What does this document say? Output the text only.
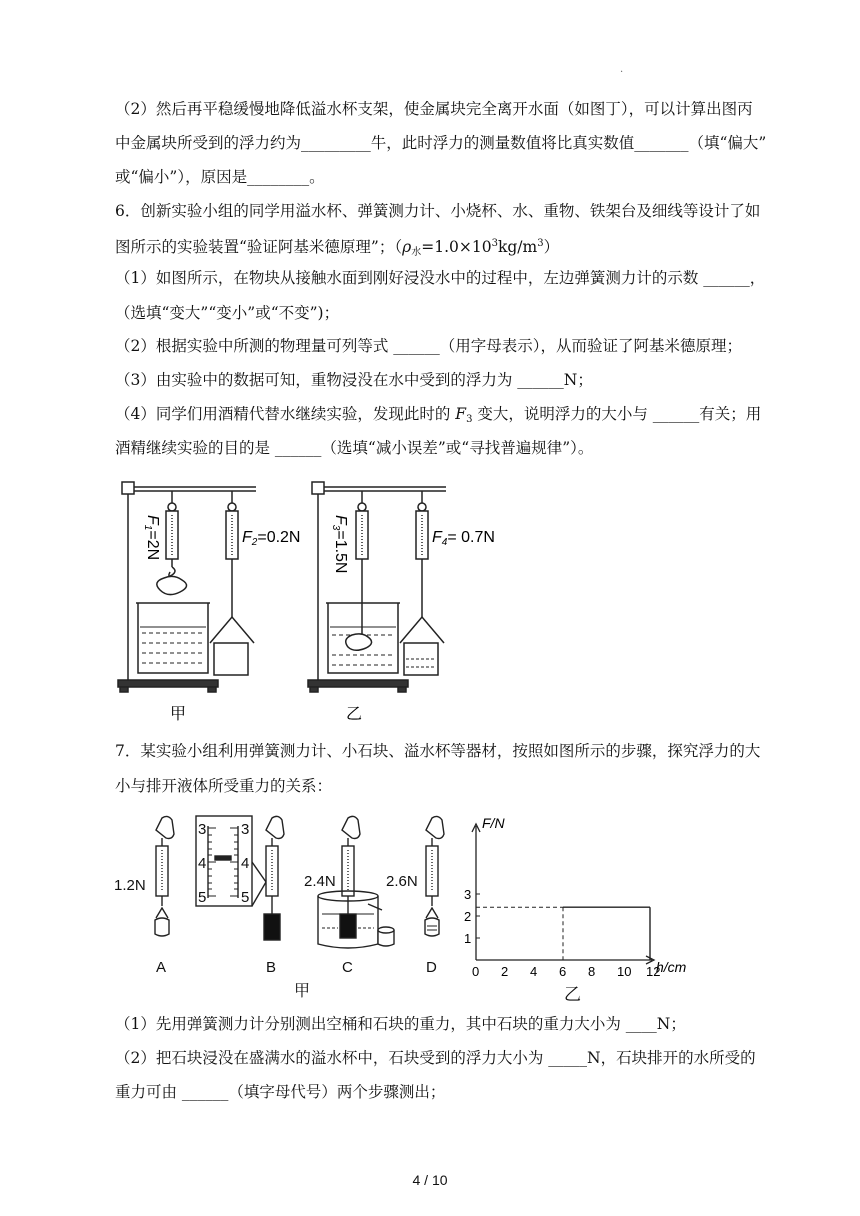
.
（2）然后再平稳缓慢地降低溢水杯支架，使金属块完全离开水面（如图丁），可以计算出图丙
中金属块所受到的浮力约为_________牛，此时浮力的测量数值将比真实数值_______（填“偏大”
或“偏小”），原因是________。
6．创新实验小组的同学用溢水杯、弹簧测力计、小烧杯、水、重物、铁架台及细线等设计了如
图所示的实验装置“验证阿基米德原理”；$(\rho_水=1.0\times 10^3kg/m^3)$
（1）如图所示，在物块从接触水面到刚好浸没水中的过程中，左边弹簧测力计的示数 ______，
（选填“变大”“变小”或“不变”)；
（2）根据实验中所测的物理量可列等式 ______（用字母表示），从而验证了阿基米德原理；
（3）由实验中的数据可知，重物浸没在水中受到的浮力为 ______N；
（4）同学们用酒精代替水继续实验，发现此时的 $F_3$ 变大，说明浮力的大小与 ______有关；用
酒精继续实验的目的是 ______（选填“减小误差”或“寻找普遍规律”）。
F1=2N	F2=0.2N
甲
F3=1.5N	F4= 0.7N
乙
7．某实验小组利用弹簧测力计、小石块、溢水杯等器材，按照如图所示的步骤，探究浮力的大
小与排开液体所受重力的关系：
1.2N	2.4N	2.6N
3
4
5
3
4
5
A	B	C	D
甲	乙
F/N
h/cm
0 2 4 6 8 10 12
1
2
3
（1）先用弹簧测力计分别测出空桶和石块的重力，其中石块的重力大小为 ____N；
（2）把石块浸没在盛满水的溢水杯中，石块受到的浮力大小为 _____N，石块排开的水所受的
重力可由 ______（填字母代号）两个步骤测出；
4 / 10
